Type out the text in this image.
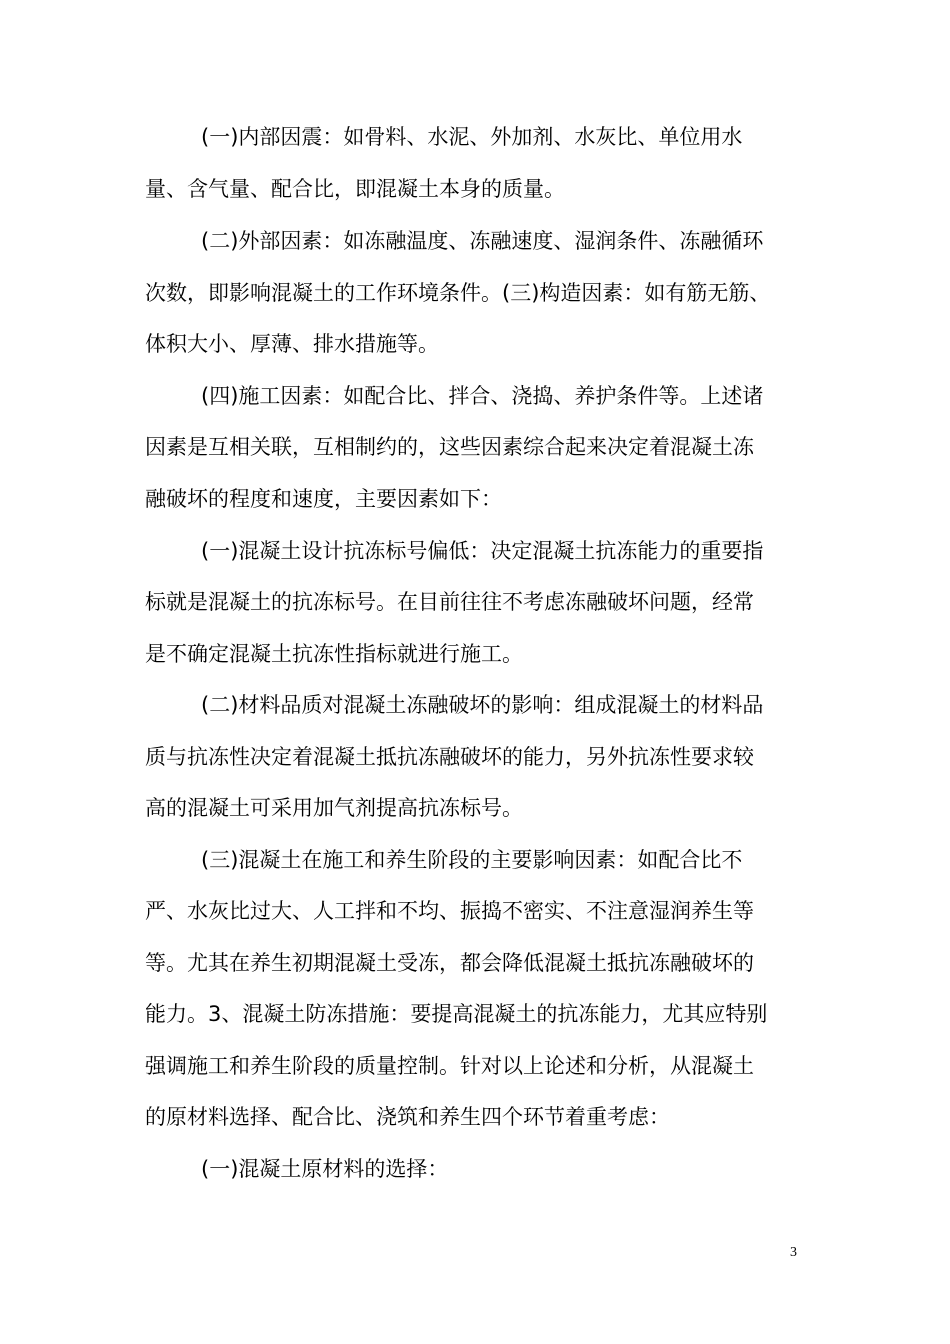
(一)内部因震：如骨料、水泥、外加剂、水灰比、单位用水
量、含气量、配合比，即混凝土本身的质量。
(二)外部因素：如冻融温度、冻融速度、湿润条件、冻融循环
次数，即影响混凝土的工作环境条件。(三)构造因素：如有筋无筋、
体积大小、厚薄、排水措施等。
(四)施工因素：如配合比、拌合、浇捣、养护条件等。上述诸
因素是互相关联，互相制约的，这些因素综合起来决定着混凝土冻
融破坏的程度和速度，主要因素如下：
(一)混凝土设计抗冻标号偏低：决定混凝土抗冻能力的重要指
标就是混凝土的抗冻标号。在目前往往不考虑冻融破坏问题，经常
是不确定混凝土抗冻性指标就进行施工。
(二)材料品质对混凝土冻融破坏的影响：组成混凝土的材料品
质与抗冻性决定着混凝土抵抗冻融破坏的能力，另外抗冻性要求较
高的混凝土可采用加气剂提高抗冻标号。
(三)混凝土在施工和养生阶段的主要影响因素：如配合比不
严、水灰比过大、人工拌和不均、振捣不密实、不注意湿润养生等
等。尤其在养生初期混凝土受冻，都会降低混凝土抵抗冻融破坏的
能力。3、混凝土防冻措施：要提高混凝土的抗冻能力，尤其应特别
强调施工和养生阶段的质量控制。针对以上论述和分析，从混凝土
的原材料选择、配合比、浇筑和养生四个环节着重考虑：
(一)混凝土原材料的选择：
3
